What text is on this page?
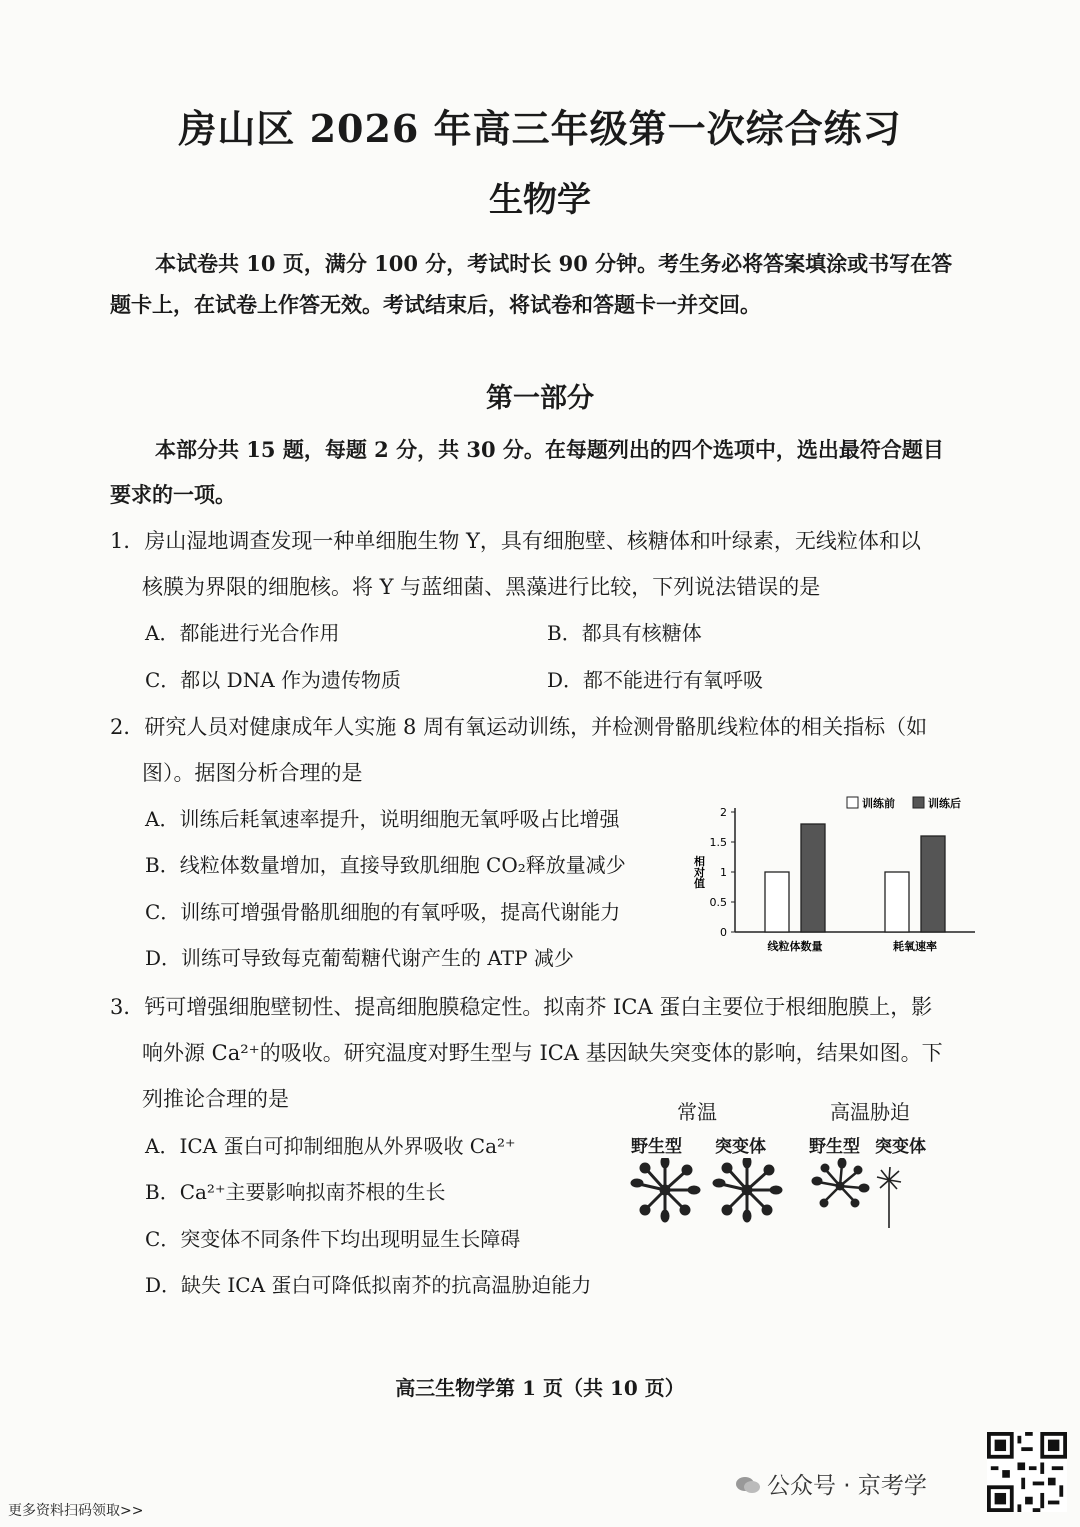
房山区 2026 年高三年级第一次综合练习
生物学
本试卷共 10 页，满分 100 分，考试时长 90 分钟。考生务必将答案填涂或书写在答
题卡上，在试卷上作答无效。考试结束后，将试卷和答题卡一并交回。
第一部分
本部分共 15 题，每题 2 分，共 30 分。在每题列出的四个选项中，选出最符合题目
要求的一项。
1．房山湿地调查发现一种单细胞生物 Y，具有细胞壁、核糖体和叶绿素，无线粒体和以
核膜为界限的细胞核。将 Y 与蓝细菌、黑藻进行比较，下列说法错误的是
A．都能进行光合作用	B．都具有核糖体
C．都以 DNA 作为遗传物质	D．都不能进行有氧呼吸
2．研究人员对健康成年人实施 8 周有氧运动训练，并检测骨骼肌线粒体的相关指标（如
图）。据图分析合理的是
A．训练后耗氧速率提升，说明细胞无氧呼吸占比增强
B．线粒体数量增加，直接导致肌细胞 CO₂释放量减少
C．训练可增强骨骼肌细胞的有氧呼吸，提高代谢能力
D．训练可导致每克葡萄糖代谢产生的 ATP 减少
0
0.5
1
1.5
2
相对值
线粒体数量	耗氧速率
训练前	训练后
3．钙可增强细胞壁韧性、提高细胞膜稳定性。拟南芥 ICA 蛋白主要位于根细胞膜上，影
响外源 Ca²⁺的吸收。研究温度对野生型与 ICA 基因缺失突变体的影响，结果如图。下
列推论合理的是
A．ICA 蛋白可抑制细胞从外界吸收 Ca²⁺
B．Ca²⁺主要影响拟南芥根的生长
C．突变体不同条件下均出现明显生长障碍
D．缺失 ICA 蛋白可降低拟南芥的抗高温胁迫能力
常温	高温胁迫
野生型 突变体	野生型 突变体
高三生物学第 1 页（共 10 页）
公众号 · 京考学
更多资料扫码领取>>
